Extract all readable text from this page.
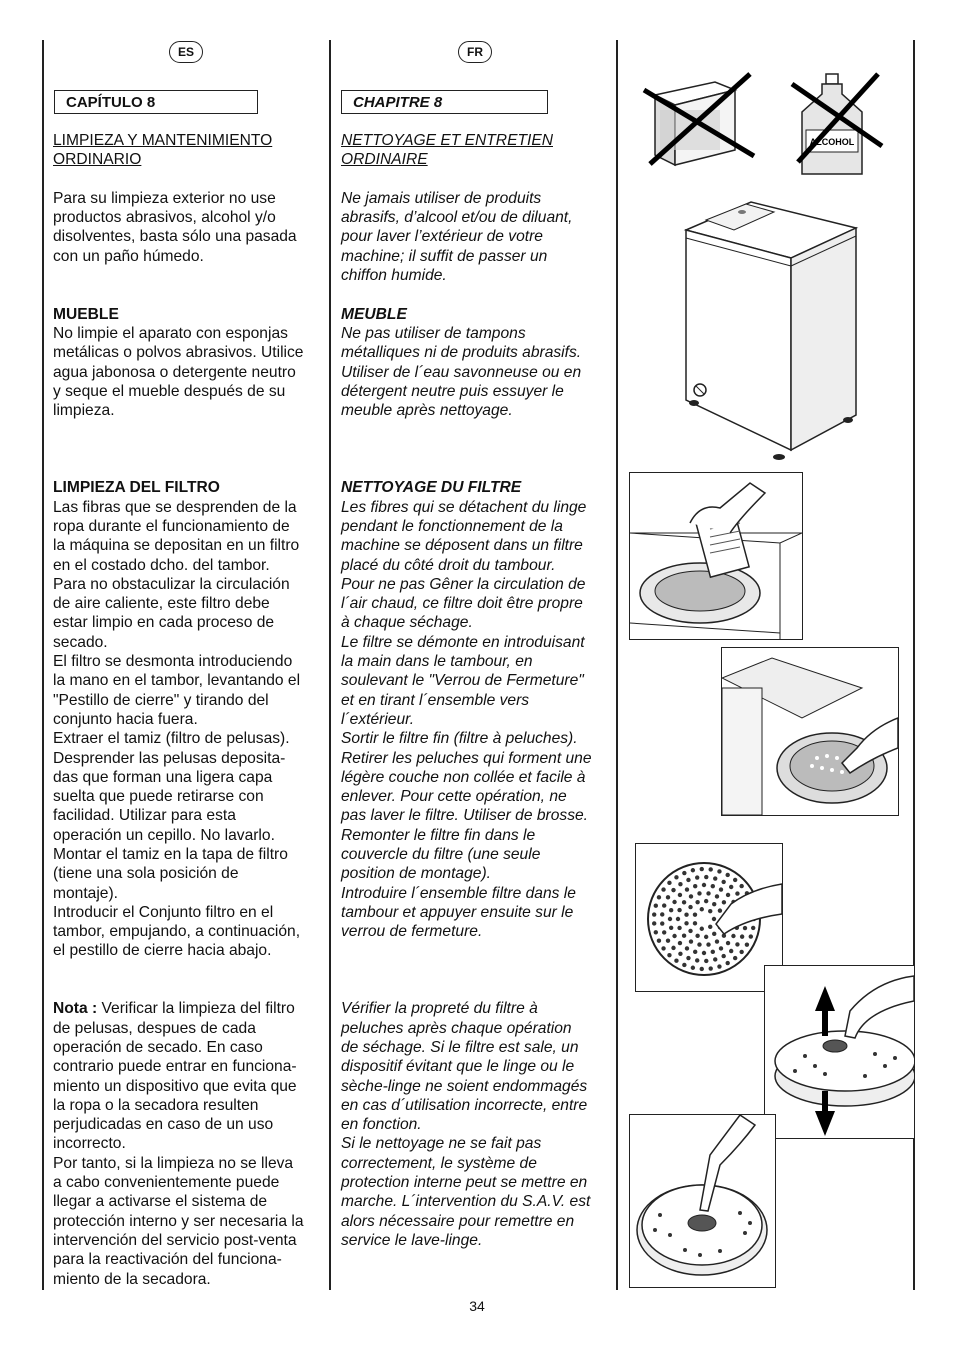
ES	FR
CAPÍTULO 8	CHAPITRE 8

LIMPIEZA Y MANTENIMIENTO

ORDINARIO

Para su limpieza exterior no use

productos abrasivos, alcohol y/o

disolventes, basta sólo una pasada

con un paño húmedo.

MUEBLE

No limpie el aparato con esponjas

metálicas o polvos abrasivos. Utilice

agua jabonosa o detergente neutro

y seque el mueble después de su

limpieza.

LIMPIEZA DEL FILTRO

Las fibras que se desprenden de la

ropa durante el funcionamiento de

la máquina se depositan en un filtro

en el costado dcho. del tambor.

Para no obstaculizar la circulación

de aire caliente, este filtro debe

estar limpio en cada proceso de

secado.

El filtro se desmonta introduciendo

la mano en el tambor, levantando el

"Pestillo de cierre" y tirando del

conjunto hacia fuera.

Extraer el tamiz (filtro de pelusas).

Desprender las pelusas deposita-

das que forman una ligera capa

suelta que puede retirarse con

facilidad. Utilizar para esta

operación un cepillo. No lavarlo.

Montar el tamiz en la tapa de filtro

(tiene una sola posición de

montaje).

Introducir el Conjunto filtro en el

tambor, empujando, a continuación,

el pestillo de cierre hacia abajo.

Nota : Verificar la limpieza del filtro

de pelusas, despues de cada

operación de secado. En caso

contrario puede entrar en funciona-

miento un dispositivo que evita que

la ropa o la secadora resulten

perjudicadas en caso de un uso

incorrecto.

Por tanto, si la limpieza no se lleva

a cabo convenientemente puede

llegar a activarse el sistema de

protección interno y ser necesaria la

intervención del servicio post-venta

para la reactivación del funciona-

miento de la secadora.

NETTOYAGE ET ENTRETIEN

ORDINAIRE

Ne jamais utiliser de produits

abrasifs, d’alcool et/ou de diluant,

pour laver l’extérieur de votre

machine; il suffit de passer un

chiffon humide.

MEUBLE

Ne pas utiliser de tampons

métalliques ni de produits abrasifs.

Utiliser de l´eau savonneuse ou en

détergent neutre puis essuyer le

meuble après nettoyage.

NETTOYAGE DU FILTRE

Les fibres qui se détachent du linge

pendant le fonctionnement de la

machine se déposent dans un filtre

placé du côté droit du tambour.

Pour ne pas Gêner la circulation de

l´air chaud, ce filtre doit être propre

à chaque séchage.

Le filtre se démonte en introduisant

la main dans le tambour, en

soulevant le "Verrou de Fermeture"

et en tirant l´ensemble vers

l´extérieur.

Sortir le filtre fin (filtre à peluches).

Retirer les peluches qui forment une

légère couche non collée et facile à

enlever. Pour cette opération, ne

pas laver le filtre. Utiliser de brosse.

Remonter le filtre fin dans le

couvercle du filtre (une seule

position de montage).

Introduire l´ensemble filtre dans le

tambour et appuyer ensuite sur le

verrou de fermeture.

Vérifier la propreté du filtre à

peluches après chaque opération

de séchage. Si le filtre est sale, un

dispositif évitant que le linge ou le

sèche-linge ne soient endommagés

en cas d´utilisation incorrecte, entre

en fonction.

Si le nettoyage ne se fait pas

correctement, le système de

protection interne peut se mettre en

marche. L´intervention du S.A.V. est

alors nécessaire pour remettre en

service le lave-linge.

ALCOHOL
34
